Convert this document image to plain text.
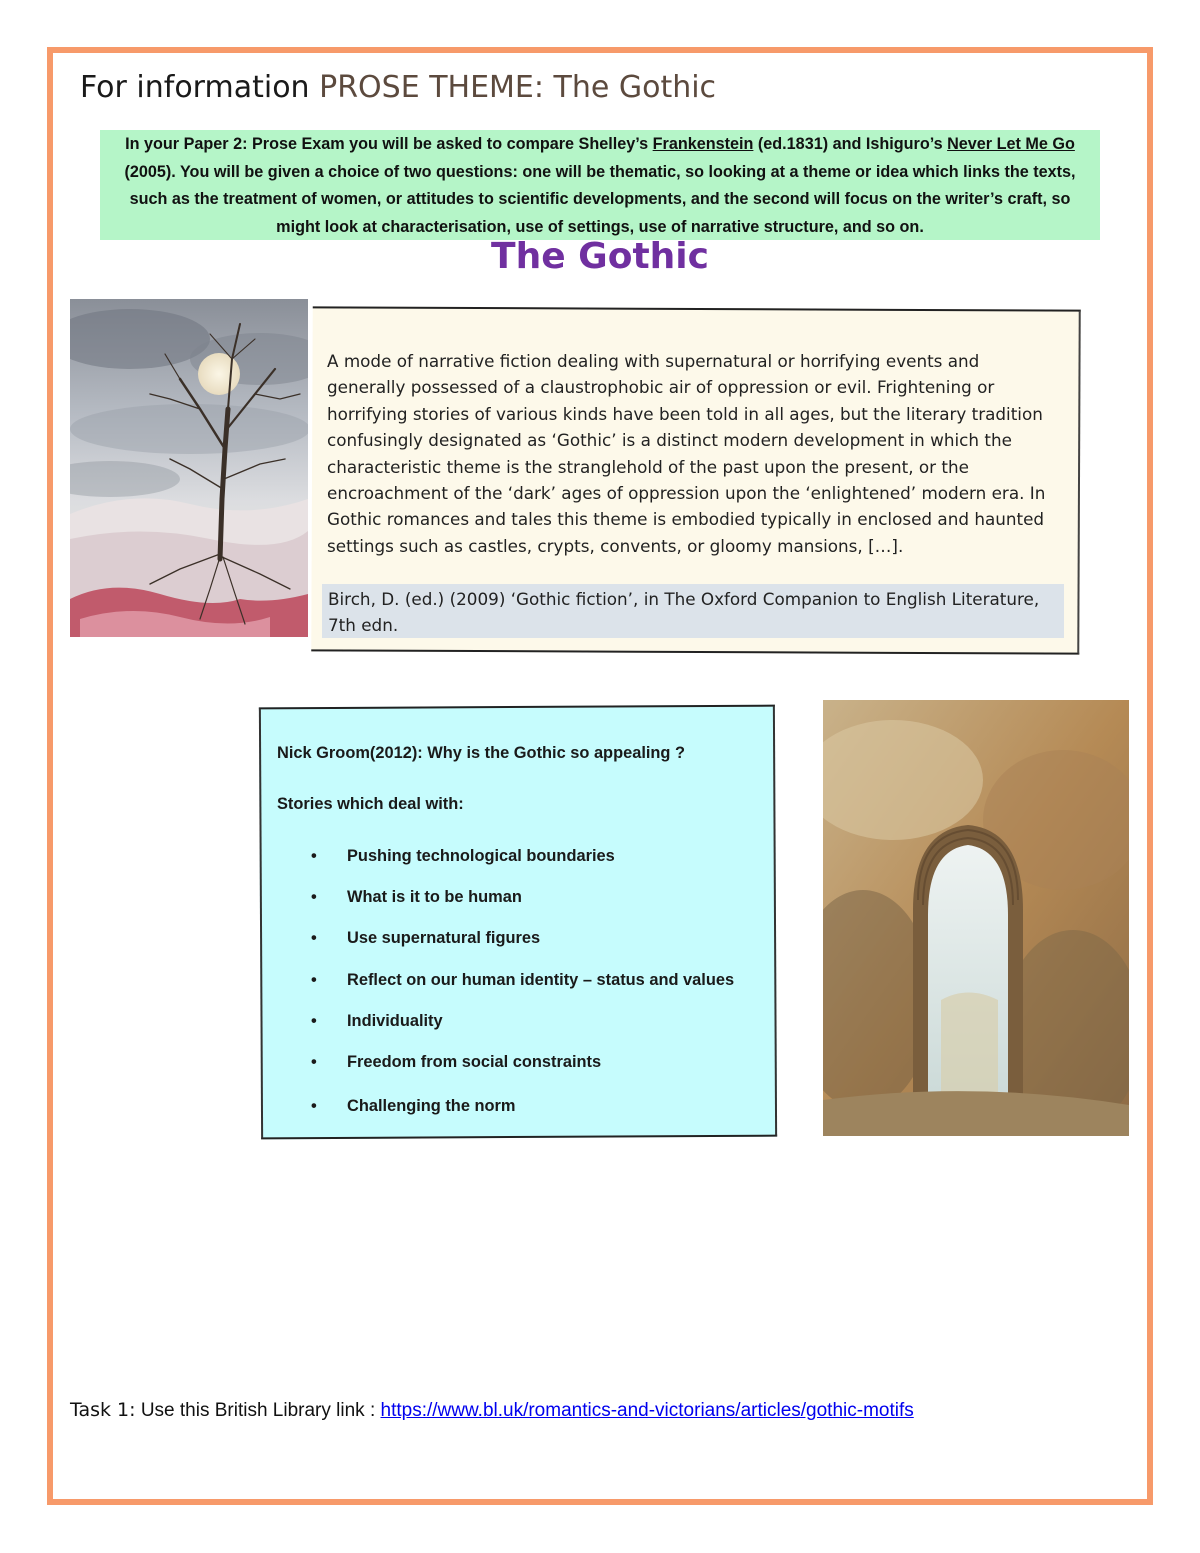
For information PROSE THEME: The Gothic
In your Paper 2: Prose Exam you will be asked to compare Shelley’s Frankenstein (ed.1831) and Ishiguro’s Never Let Me Go (2005). You will be given a choice of two questions: one will be thematic, so looking at a theme or idea which links the texts, such as the treatment of women, or attitudes to scientific developments, and the second will focus on the writer’s craft, so might look at characterisation, use of settings, use of narrative structure, and so on.
The Gothic
A mode of narrative fiction dealing with supernatural or horrifying events and generally possessed of a claustrophobic air of oppression or evil. Frightening or horrifying stories of various kinds have been told in all ages, but the literary tradition confusingly designated as ‘Gothic’ is a distinct modern development in which the characteristic theme is the stranglehold of the past upon the present, or the encroachment of the ‘dark’ ages of oppression upon the ‘enlightened’ modern era. In Gothic romances and tales this theme is embodied typically in enclosed and haunted settings such as castles, crypts, convents, or gloomy mansions, […].
Birch, D. (ed.) (2009) ‘Gothic fiction’, in The Oxford Companion to English Literature, 7th edn.
Nick Groom(2012): Why is the Gothic so appealing ?
Stories which deal with:
• Pushing technological boundaries
• What is it to be human
• Use supernatural figures
• Reflect on our human identity – status and values
• Individuality
• Freedom from social constraints
• Challenging the norm
Task 1: Use this British Library link : https://www.bl.uk/romantics-and-victorians/articles/gothic-motifs
